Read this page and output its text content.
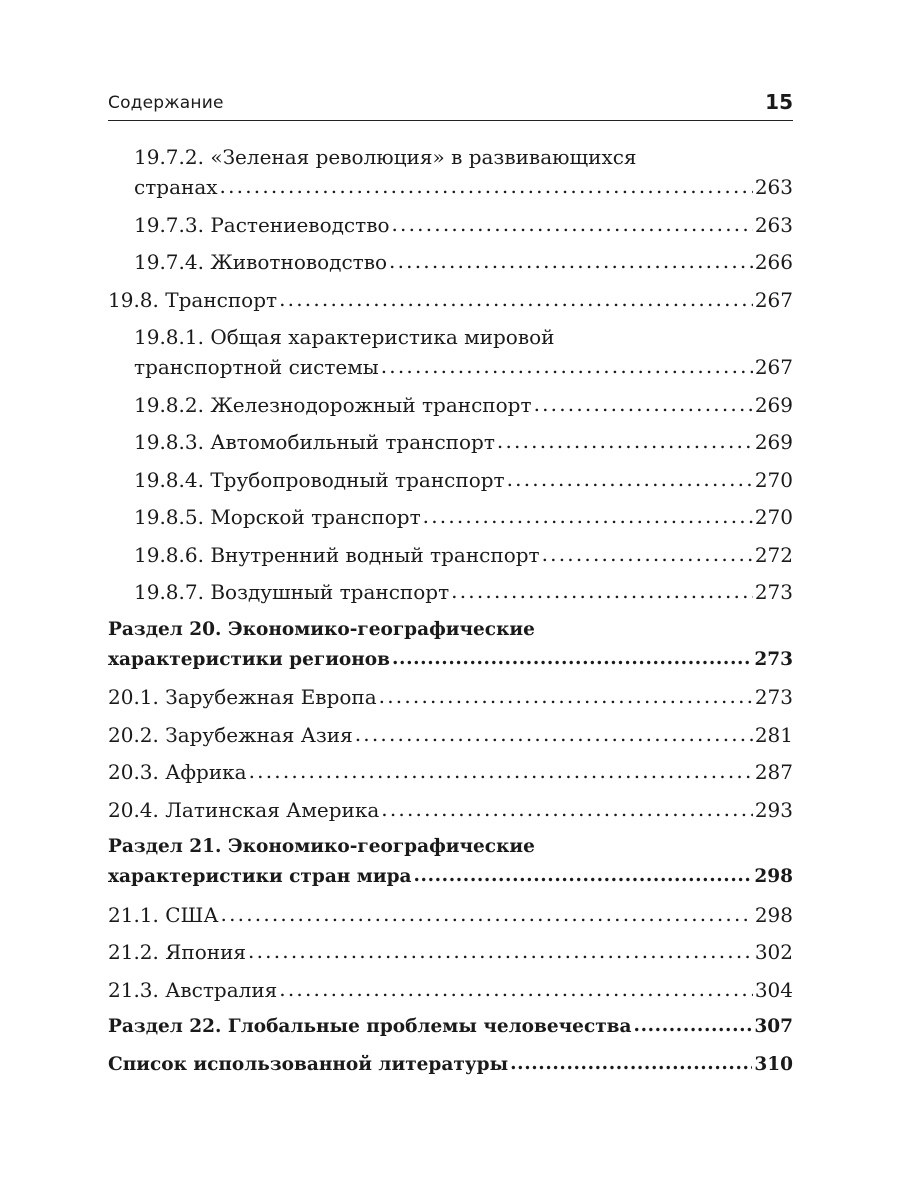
Содержание	15
19.7.2. «Зеленая революция» в развивающихся
странах .....	263
19.7.3. Растениеводство .....	263
19.7.4. Животноводство .....	266
19.8. Транспорт .....	267
19.8.1. Общая характеристика мировой
транспортной системы .....	267
19.8.2. Железнодорожный транспорт .....	269
19.8.3. Автомобильный транспорт .....	269
19.8.4. Трубопроводный транспорт .....	270
19.8.5. Морской транспорт .....	270
19.8.6. Внутренний водный транспорт .....	272
19.8.7. Воздушный транспорт .....	273
Раздел 20. Экономико-географические
характеристики регионов .....	273
20.1. Зарубежная Европа .....	273
20.2. Зарубежная Азия .....	281
20.3. Африка .....	287
20.4. Латинская Америка .....	293
Раздел 21. Экономико-географические
характеристики стран мира .....	298
21.1. США .....	298
21.2. Япония .....	302
21.3. Австралия .....	304
Раздел 22. Глобальные проблемы человечества .....	307
Список использованной литературы .....	310
